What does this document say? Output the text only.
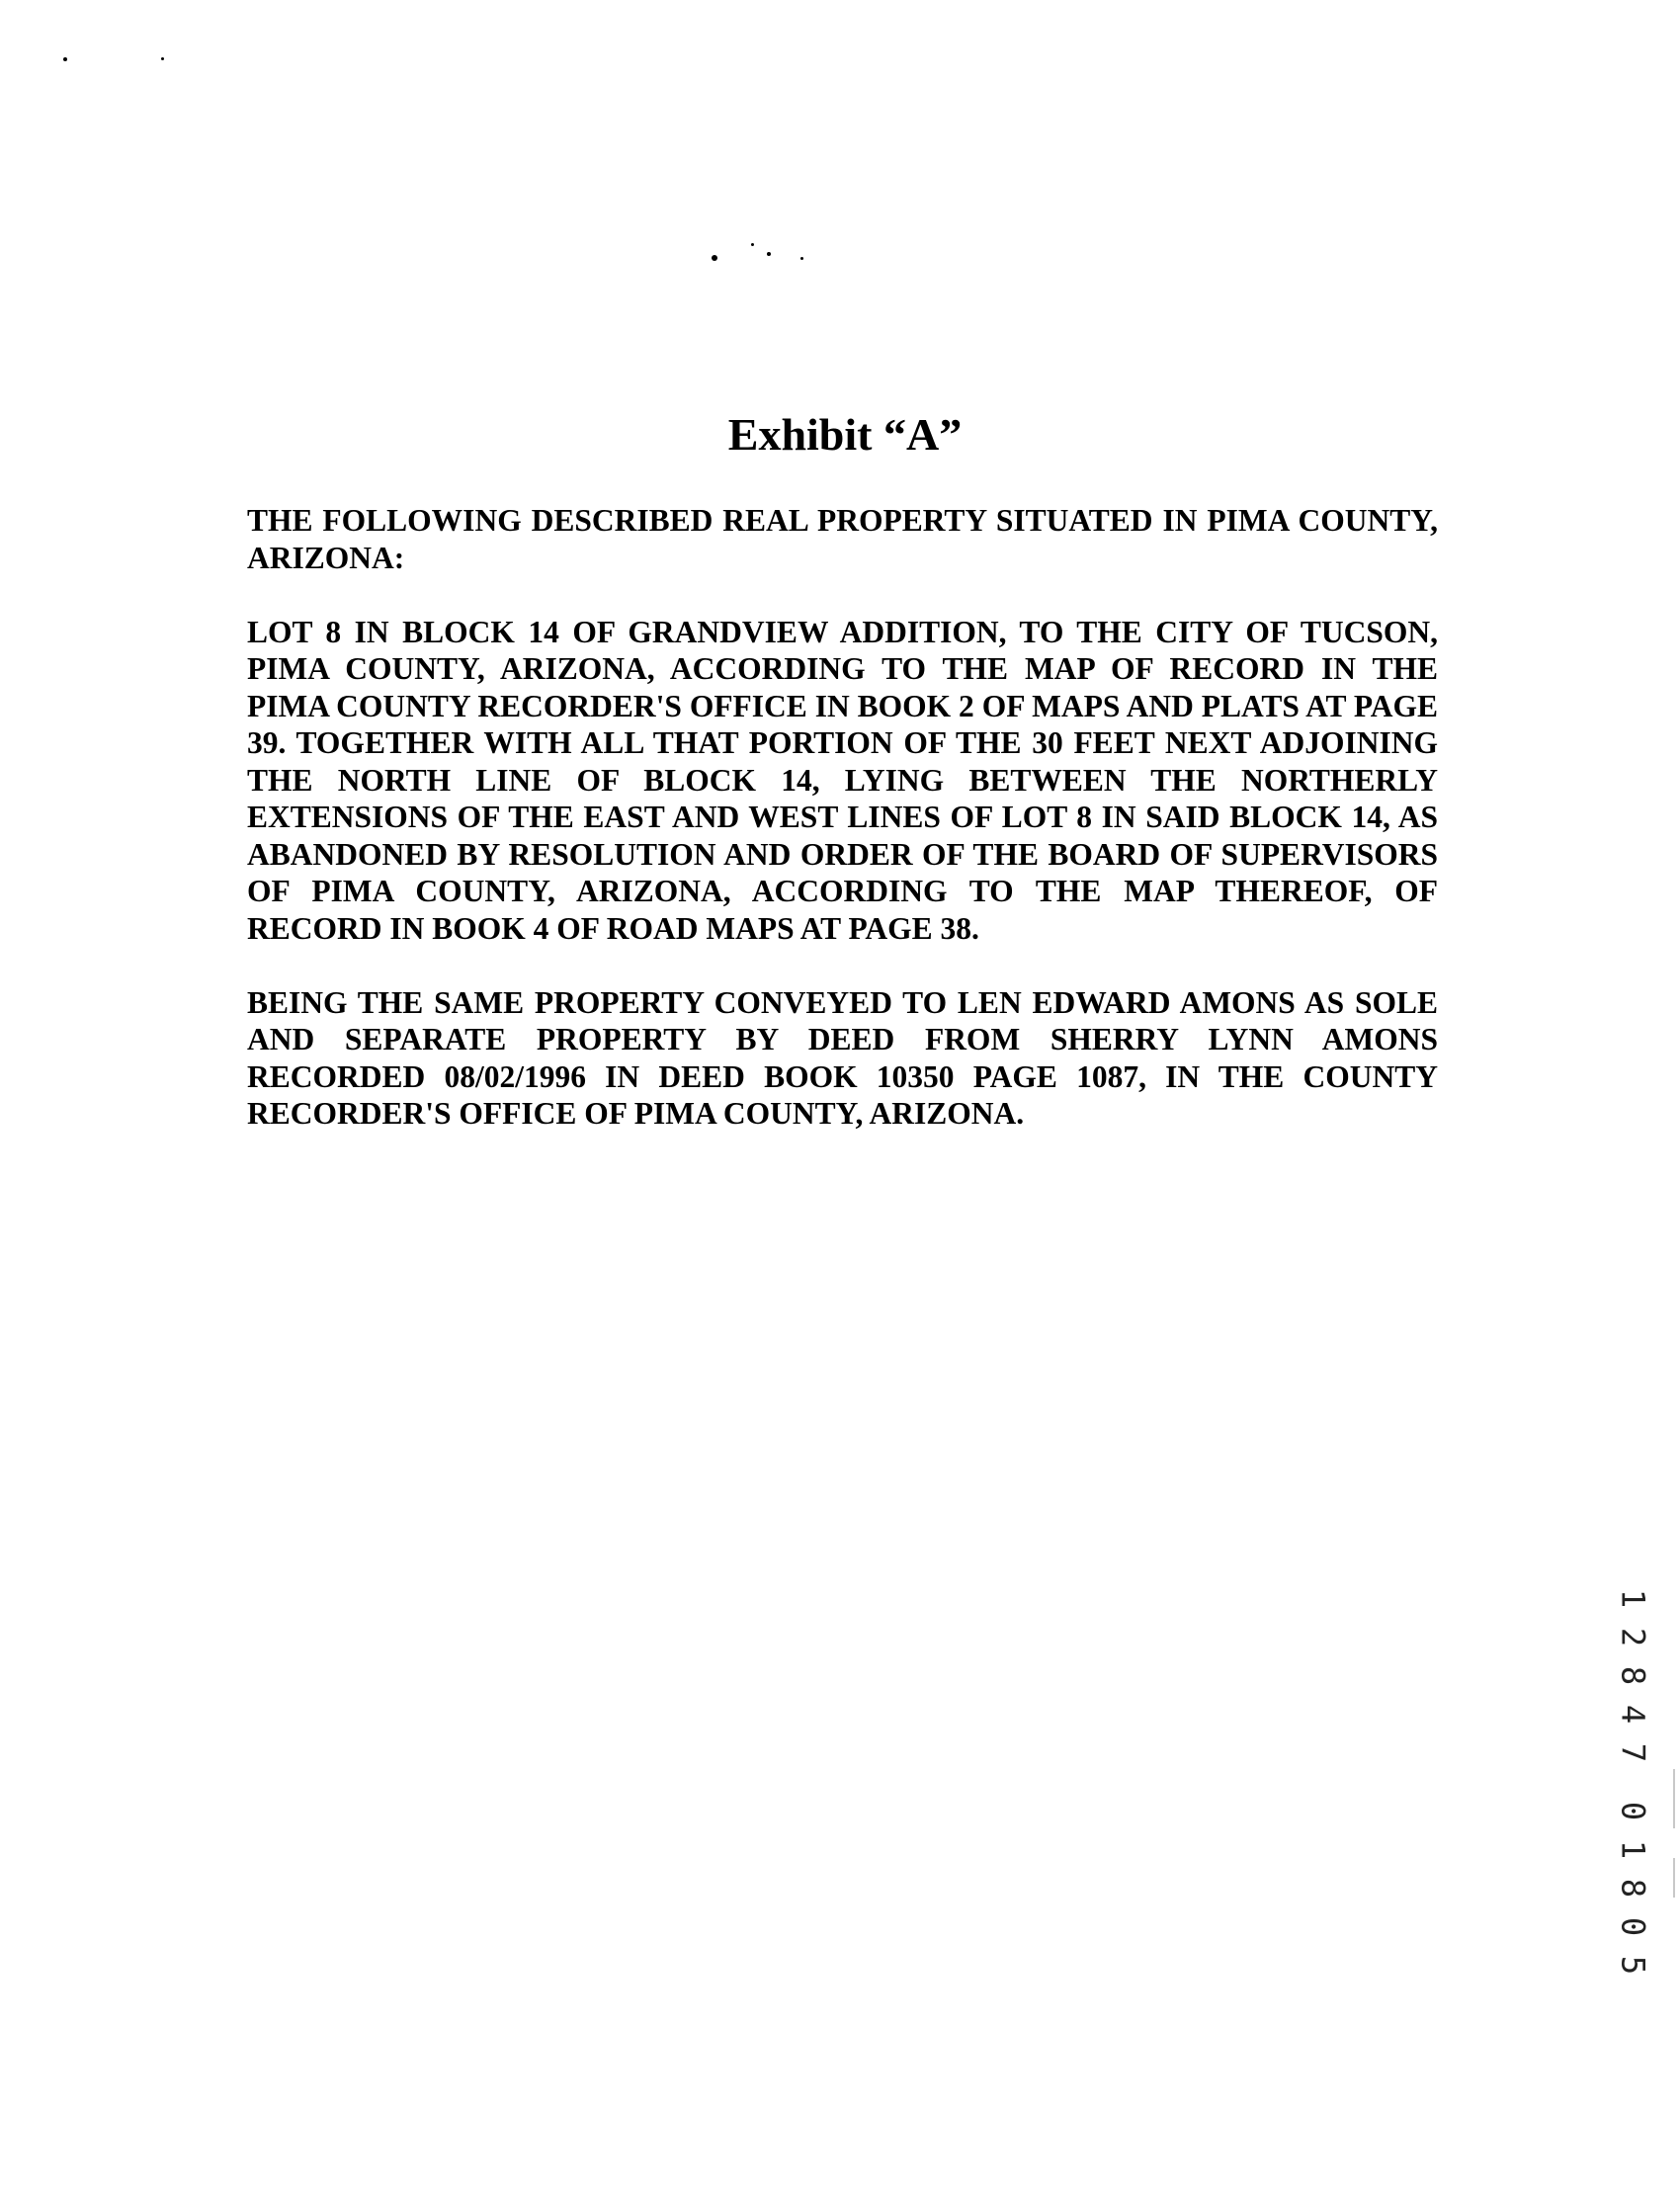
Exhibit “A”

THE FOLLOWING DESCRIBED REAL PROPERTY SITUATED IN PIMA COUNTY, ARIZONA:

LOT 8 IN BLOCK 14 OF GRANDVIEW ADDITION, TO THE CITY OF TUCSON, PIMA COUNTY, ARIZONA, ACCORDING TO THE MAP OF RECORD IN THE PIMA COUNTY RECORDER'S OFFICE IN BOOK 2 OF MAPS AND PLATS AT PAGE 39. TOGETHER WITH ALL THAT PORTION OF THE 30 FEET NEXT ADJOINING THE NORTH LINE OF BLOCK 14, LYING BETWEEN THE NORTHERLY EXTENSIONS OF THE EAST AND WEST LINES OF LOT 8 IN SAID BLOCK 14, AS ABANDONED BY RESOLUTION AND ORDER OF THE BOARD OF SUPERVISORS OF PIMA COUNTY, ARIZONA, ACCORDING TO THE MAP THEREOF, OF RECORD IN BOOK 4 OF ROAD MAPS AT PAGE 38.

BEING THE SAME PROPERTY CONVEYED TO LEN EDWARD AMONS AS SOLE AND SEPARATE PROPERTY BY DEED FROM SHERRY LYNN AMONS RECORDED 08/02/1996 IN DEED BOOK 10350 PAGE 1087, IN THE COUNTY RECORDER'S OFFICE OF PIMA COUNTY, ARIZONA.

1
2
8
4
7
0
1
8
0
5
